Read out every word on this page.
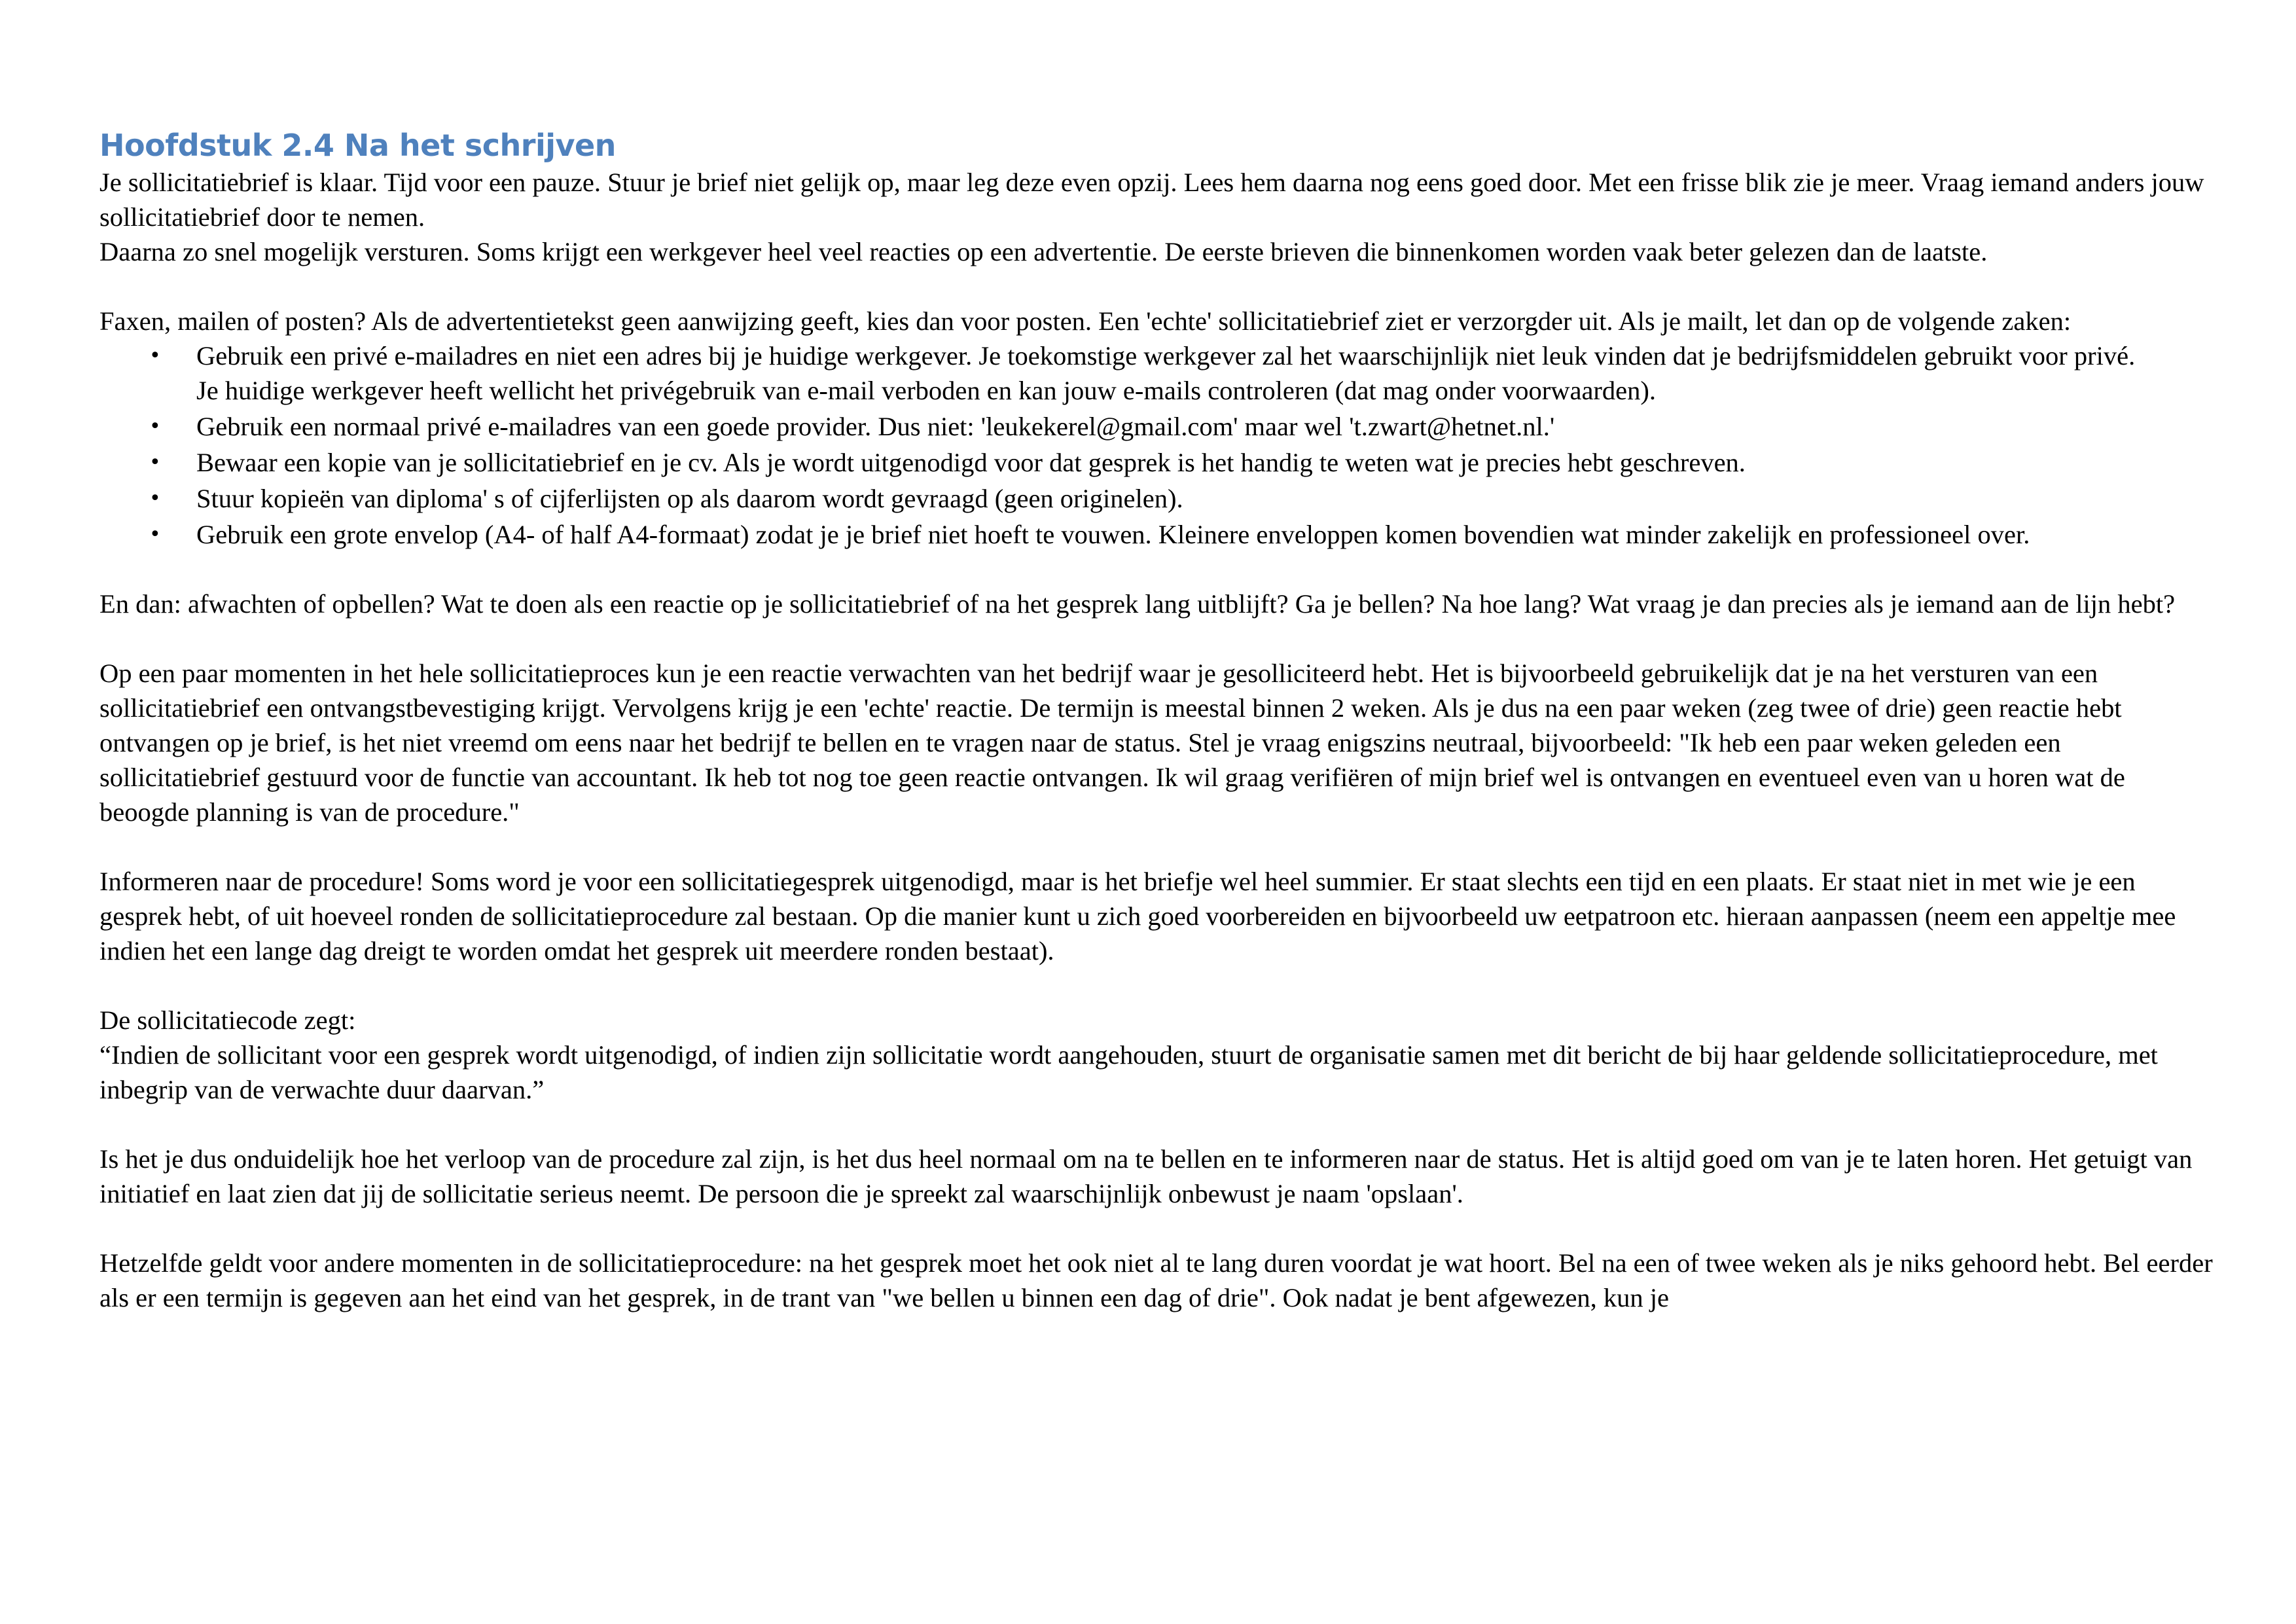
Hoofdstuk 2.4 Na het schrijven

Je sollicitatiebrief is klaar. Tijd voor een pauze. Stuur je brief niet gelijk op, maar leg deze even opzij. Lees hem daarna nog eens goed door. Met een frisse blik zie je meer. Vraag iemand anders jouw sollicitatiebrief door te nemen.

Daarna zo snel mogelijk versturen. Soms krijgt een werkgever heel veel reacties op een advertentie. De eerste brieven die binnenkomen worden vaak beter gelezen dan de laatste.

Faxen, mailen of posten? Als de advertentietekst geen aanwijzing geeft, kies dan voor posten. Een 'echte' sollicitatiebrief ziet er verzorgder uit. Als je mailt, let dan op de volgende zaken:

• Gebruik een privé e-mailadres en niet een adres bij je huidige werkgever. Je toekomstige werkgever zal het waarschijnlijk niet leuk vinden dat je bedrijfsmiddelen gebruikt voor privé. Je huidige werkgever heeft wellicht het privégebruik van e-mail verboden en kan jouw e-mails controleren (dat mag onder voorwaarden).
• Gebruik een normaal privé e-mailadres van een goede provider. Dus niet: 'leukekerel@gmail.com' maar wel 't.zwart@hetnet.nl.'
• Bewaar een kopie van je sollicitatiebrief en je cv. Als je wordt uitgenodigd voor dat gesprek is het handig te weten wat je precies hebt geschreven.
• Stuur kopieën van diploma' s of cijferlijsten op als daarom wordt gevraagd (geen originelen).
• Gebruik een grote envelop (A4- of half A4-formaat) zodat je je brief niet hoeft te vouwen. Kleinere enveloppen komen bovendien wat minder zakelijk en professioneel over.

En dan: afwachten of opbellen? Wat te doen als een reactie op je sollicitatiebrief of na het gesprek lang uitblijft? Ga je bellen? Na hoe lang? Wat vraag je dan precies als je iemand aan de lijn hebt?

Op een paar momenten in het hele sollicitatieproces kun je een reactie verwachten van het bedrijf waar je gesolliciteerd hebt. Het is bijvoorbeeld gebruikelijk dat je na het versturen van een sollicitatiebrief een ontvangstbevestiging krijgt. Vervolgens krijg je een 'echte' reactie. De termijn is meestal binnen 2 weken. Als je dus na een paar weken (zeg twee of drie) geen reactie hebt ontvangen op je brief, is het niet vreemd om eens naar het bedrijf te bellen en te vragen naar de status. Stel je vraag enigszins neutraal, bijvoorbeeld: "Ik heb een paar weken geleden een sollicitatiebrief gestuurd voor de functie van accountant. Ik heb tot nog toe geen reactie ontvangen. Ik wil graag verifiëren of mijn brief wel is ontvangen en eventueel even van u horen wat de beoogde planning is van de procedure."

Informeren naar de procedure! Soms word je voor een sollicitatiegesprek uitgenodigd, maar is het briefje wel heel summier. Er staat slechts een tijd en een plaats. Er staat niet in met wie je een gesprek hebt, of uit hoeveel ronden de sollicitatieprocedure zal bestaan. Op die manier kunt u zich goed voorbereiden en bijvoorbeeld uw eetpatroon etc. hieraan aanpassen (neem een appeltje mee indien het een lange dag dreigt te worden omdat het gesprek uit meerdere ronden bestaat).

De sollicitatiecode zegt:

“Indien de sollicitant voor een gesprek wordt uitgenodigd, of indien zijn sollicitatie wordt aangehouden, stuurt de organisatie samen met dit bericht de bij haar geldende sollicitatieprocedure, met inbegrip van de verwachte duur daarvan.”

Is het je dus onduidelijk hoe het verloop van de procedure zal zijn, is het dus heel normaal om na te bellen en te informeren naar de status. Het is altijd goed om van je te laten horen. Het getuigt van initiatief en laat zien dat jij de sollicitatie serieus neemt. De persoon die je spreekt zal waarschijnlijk onbewust je naam 'opslaan'.

Hetzelfde geldt voor andere momenten in de sollicitatieprocedure: na het gesprek moet het ook niet al te lang duren voordat je wat hoort. Bel na een of twee weken als je niks gehoord hebt. Bel eerder als er een termijn is gegeven aan het eind van het gesprek, in de trant van "we bellen u binnen een dag of drie". Ook nadat je bent afgewezen, kun je
